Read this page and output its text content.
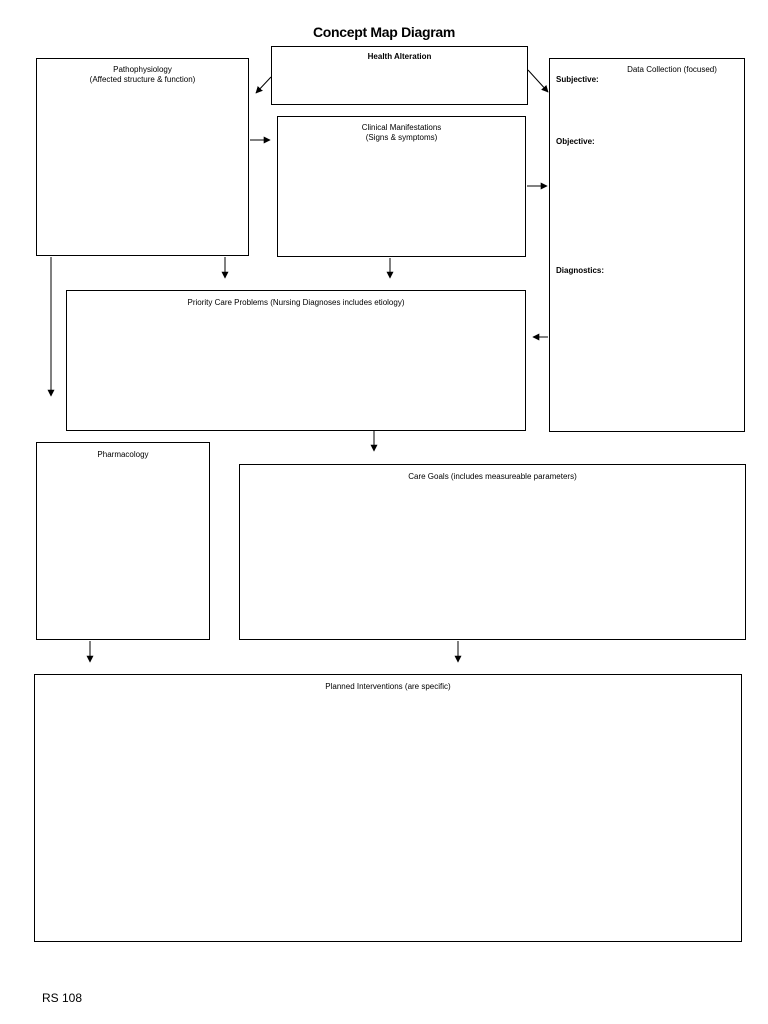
Concept Map Diagram
Health Alteration
Pathophysiology
(Affected structure & function)
Clinical Manifestations
(Signs & symptoms)
Data Collection (focused)
Subjective:
Objective:
Diagnostics:
Priority Care Problems (Nursing Diagnoses includes etiology)
Pharmacology
Care Goals (includes measureable parameters)
Planned Interventions (are specific)
RS 108
